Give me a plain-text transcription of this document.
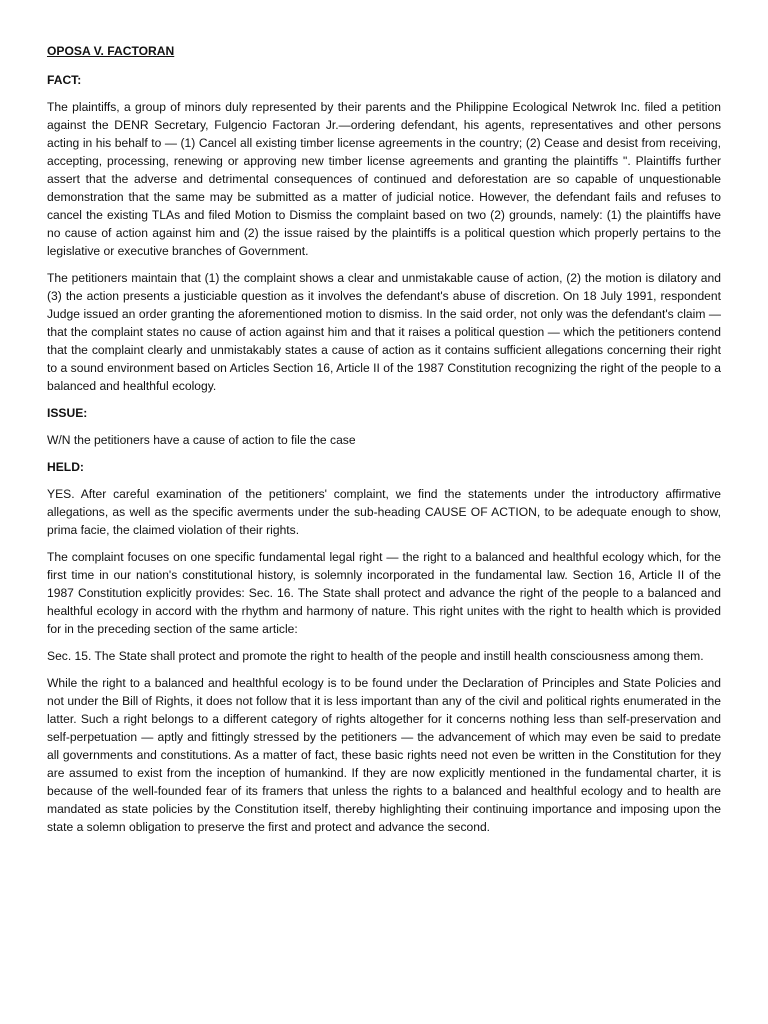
OPOSA V. FACTORAN
FACT:

The plaintiffs, a group of minors duly represented by their parents and the Philippine Ecological Netwrok Inc. filed a petition against the DENR Secretary, Fulgencio Factoran Jr.—ordering defendant, his agents, representatives and other persons acting in his behalf to — (1) Cancel all existing timber license agreements in the country; (2) Cease and desist from receiving, accepting, processing, renewing or approving new timber license agreements and granting the plaintiffs ". Plaintiffs further assert that the adverse and detrimental consequences of continued and deforestation are so capable of unquestionable demonstration that the same may be submitted as a matter of judicial notice. However, the defendant fails and refuses to cancel the existing TLAs and filed Motion to Dismiss the complaint based on two (2) grounds, namely: (1) the plaintiffs have no cause of action against him and (2) the issue raised by the plaintiffs is a political question which properly pertains to the legislative or executive branches of Government.

The petitioners maintain that (1) the complaint shows a clear and unmistakable cause of action, (2) the motion is dilatory and (3) the action presents a justiciable question as it involves the defendant's abuse of discretion. On 18 July 1991, respondent Judge issued an order granting the aforementioned motion to dismiss. In the said order, not only was the defendant's claim — that the complaint states no cause of action against him and that it raises a political question — which the petitioners contend that the complaint clearly and unmistakably states a cause of action as it contains sufficient allegations concerning their right to a sound environment based on Articles Section 16, Article II of the 1987 Constitution recognizing the right of the people to a balanced and healthful ecology.

ISSUE:

W/N the petitioners have a cause of action to file the case

HELD:

YES. After careful examination of the petitioners' complaint, we find the statements under the introductory affirmative allegations, as well as the specific averments under the sub-heading CAUSE OF ACTION, to be adequate enough to show, prima facie, the claimed violation of their rights.

The complaint focuses on one specific fundamental legal right — the right to a balanced and healthful ecology which, for the first time in our nation's constitutional history, is solemnly incorporated in the fundamental law. Section 16, Article II of the 1987 Constitution explicitly provides: Sec. 16. The State shall protect and advance the right of the people to a balanced and healthful ecology in accord with the rhythm and harmony of nature. This right unites with the right to health which is provided for in the preceding section of the same article:

Sec. 15. The State shall protect and promote the right to health of the people and instill health consciousness among them.

While the right to a balanced and healthful ecology is to be found under the Declaration of Principles and State Policies and not under the Bill of Rights, it does not follow that it is less important than any of the civil and political rights enumerated in the latter. Such a right belongs to a different category of rights altogether for it concerns nothing less than self-preservation and self-perpetuation — aptly and fittingly stressed by the petitioners — the advancement of which may even be said to predate all governments and constitutions. As a matter of fact, these basic rights need not even be written in the Constitution for they are assumed to exist from the inception of humankind. If they are now explicitly mentioned in the fundamental charter, it is because of the well-founded fear of its framers that unless the rights to a balanced and healthful ecology and to health are mandated as state policies by the Constitution itself, thereby highlighting their continuing importance and imposing upon the state a solemn obligation to preserve the first and protect and advance the second.
